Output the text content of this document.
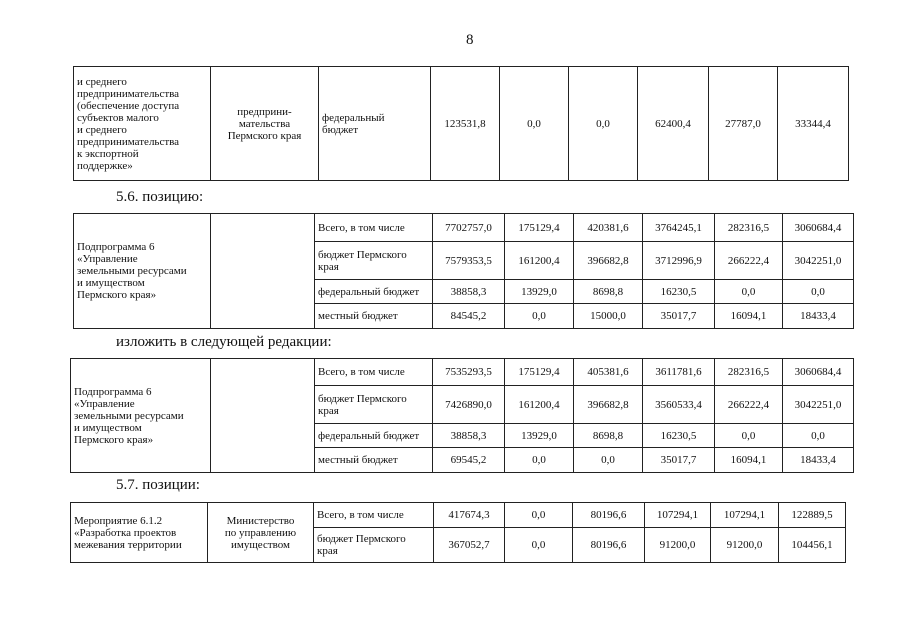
8
и среднего
предпринимательства
(обеспечение доступа
субъектов малого
и среднего
предпринимательства
к экспортной
поддержке»	предприни-
мательства
Пермского края	федеральный
бюджет	123531,8	0,0	0,0	62400,4	27787,0	33344,4
5.6. позицию:
Подпрограмма 6
«Управление
земельными ресурсами
и имуществом
Пермского края»		Всего, в том числе	7702757,0	175129,4	420381,6	3764245,1	282316,5	3060684,4
		бюджет Пермского
края	7579353,5	161200,4	396682,8	3712996,9	266222,4	3042251,0
		федеральный бюджет	38858,3	13929,0	8698,8	16230,5	0,0	0,0
		местный бюджет	84545,2	0,0	15000,0	35017,7	16094,1	18433,4
изложить в следующей редакции:
Подпрограмма 6
«Управление
земельными ресурсами
и имуществом
Пермского края»		Всего, в том числе	7535293,5	175129,4	405381,6	3611781,6	282316,5	3060684,4
		бюджет Пермского
края	7426890,0	161200,4	396682,8	3560533,4	266222,4	3042251,0
		федеральный бюджет	38858,3	13929,0	8698,8	16230,5	0,0	0,0
		местный бюджет	69545,2	0,0	0,0	35017,7	16094,1	18433,4
5.7. позиции:
Мероприятие 6.1.2
«Разработка проектов
межевания территории	Министерство
по управлению
имуществом	Всего, в том числе	417674,3	0,0	80196,6	107294,1	107294,1	122889,5
		бюджет Пермского
края	367052,7	0,0	80196,6	91200,0	91200,0	104456,1
